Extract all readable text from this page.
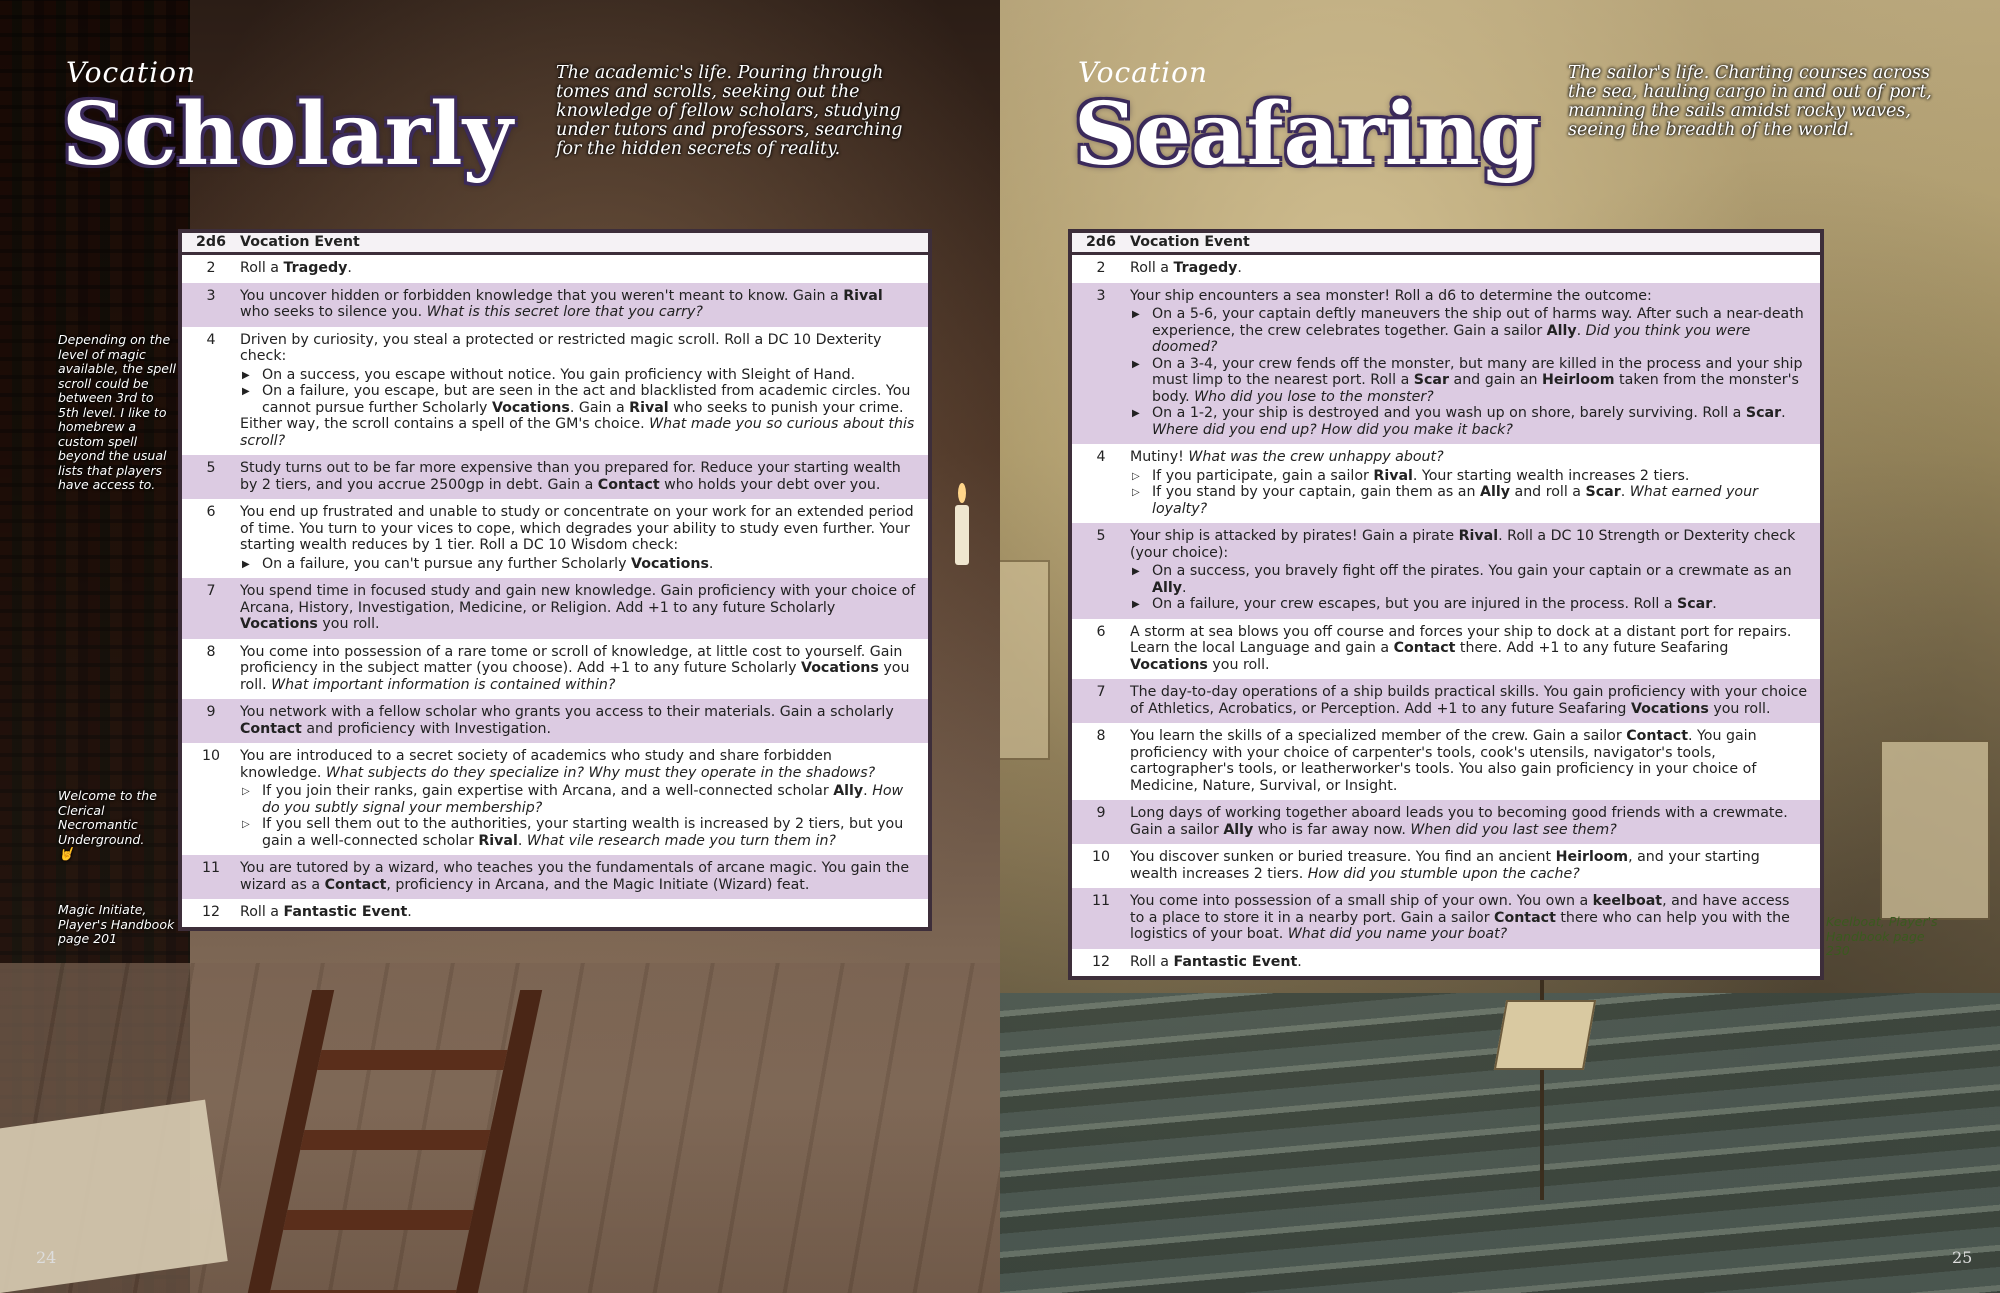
Vocation
Scholarly
The academic's life. Pouring through tomes and scrolls, seeking out the knowledge of fellow scholars, studying under tutors and professors, searching for the hidden secrets of reality.
Depending on the level of magic available, the spell scroll could be between 3rd to 5th level. I like to homebrew a custom spell beyond the usual lists that players have access to.
Welcome to the Clerical Necromantic Underground. 🤘
Magic Initiate, Player's Handbook page 201
2d6 Vocation Event
2	Roll a Tragedy.
3	You uncover hidden or forbidden knowledge that you weren't meant to know. Gain a Rival who seeks to silence you. What is this secret lore that you carry?
4	Driven by curiosity, you steal a protected or restricted magic scroll. Roll a DC 10 Dexterity check:
▶ On a success, you escape without notice. You gain proficiency with Sleight of Hand.
▶ On a failure, you escape, but are seen in the act and blacklisted from academic circles. You cannot pursue further Scholarly Vocations. Gain a Rival who seeks to punish your crime.
Either way, the scroll contains a spell of the GM's choice. What made you so curious about this scroll?
5	Study turns out to be far more expensive than you prepared for. Reduce your starting wealth by 2 tiers, and you accrue 2500gp in debt. Gain a Contact who holds your debt over you.
6	You end up frustrated and unable to study or concentrate on your work for an extended period of time. You turn to your vices to cope, which degrades your ability to study even further. Your starting wealth reduces by 1 tier. Roll a DC 10 Wisdom check:
▶ On a failure, you can't pursue any further Scholarly Vocations.
7	You spend time in focused study and gain new knowledge. Gain proficiency with your choice of Arcana, History, Investigation, Medicine, or Religion. Add +1 to any future Scholarly Vocations you roll.
8	You come into possession of a rare tome or scroll of knowledge, at little cost to yourself. Gain proficiency in the subject matter (you choose). Add +1 to any future Scholarly Vocations you roll. What important information is contained within?
9	You network with a fellow scholar who grants you access to their materials. Gain a scholarly Contact and proficiency with Investigation.
10	You are introduced to a secret society of academics who study and share forbidden knowledge. What subjects do they specialize in? Why must they operate in the shadows?
▷ If you join their ranks, gain expertise with Arcana, and a well-connected scholar Ally. How do you subtly signal your membership?
▷ If you sell them out to the authorities, your starting wealth is increased by 2 tiers, but you gain a well-connected scholar Rival. What vile research made you turn them in?
11	You are tutored by a wizard, who teaches you the fundamentals of arcane magic. You gain the wizard as a Contact, proficiency in Arcana, and the Magic Initiate (Wizard) feat.
12	Roll a Fantastic Event.
24
Vocation
Seafaring
The sailor's life. Charting courses across the sea, hauling cargo in and out of port, manning the sails amidst rocky waves, seeing the breadth of the world.
Keelboat, Player's Handbook page 230
2d6 Vocation Event
2	Roll a Tragedy.
3	Your ship encounters a sea monster! Roll a d6 to determine the outcome:
▶ On a 5-6, your captain deftly maneuvers the ship out of harms way. After such a near-death experience, the crew celebrates together. Gain a sailor Ally. Did you think you were doomed?
▶ On a 3-4, your crew fends off the monster, but many are killed in the process and your ship must limp to the nearest port. Roll a Scar and gain an Heirloom taken from the monster's body. Who did you lose to the monster?
▶ On a 1-2, your ship is destroyed and you wash up on shore, barely surviving. Roll a Scar. Where did you end up? How did you make it back?
4	Mutiny! What was the crew unhappy about?
▷ If you participate, gain a sailor Rival. Your starting wealth increases 2 tiers.
▷ If you stand by your captain, gain them as an Ally and roll a Scar. What earned your loyalty?
5	Your ship is attacked by pirates! Gain a pirate Rival. Roll a DC 10 Strength or Dexterity check (your choice):
▶ On a success, you bravely fight off the pirates. You gain your captain or a crewmate as an Ally.
▶ On a failure, your crew escapes, but you are injured in the process. Roll a Scar.
6	A storm at sea blows you off course and forces your ship to dock at a distant port for repairs. Learn the local Language and gain a Contact there. Add +1 to any future Seafaring Vocations you roll.
7	The day-to-day operations of a ship builds practical skills. You gain proficiency with your choice of Athletics, Acrobatics, or Perception. Add +1 to any future Seafaring Vocations you roll.
8	You learn the skills of a specialized member of the crew. Gain a sailor Contact. You gain proficiency with your choice of carpenter's tools, cook's utensils, navigator's tools, cartographer's tools, or leatherworker's tools. You also gain proficiency in your choice of Medicine, Nature, Survival, or Insight.
9	Long days of working together aboard leads you to becoming good friends with a crewmate. Gain a sailor Ally who is far away now. When did you last see them?
10	You discover sunken or buried treasure. You find an ancient Heirloom, and your starting wealth increases 2 tiers. How did you stumble upon the cache?
11	You come into possession of a small ship of your own. You own a keelboat, and have access to a place to store it in a nearby port. Gain a sailor Contact there who can help you with the logistics of your boat. What did you name your boat?
12	Roll a Fantastic Event.
25
